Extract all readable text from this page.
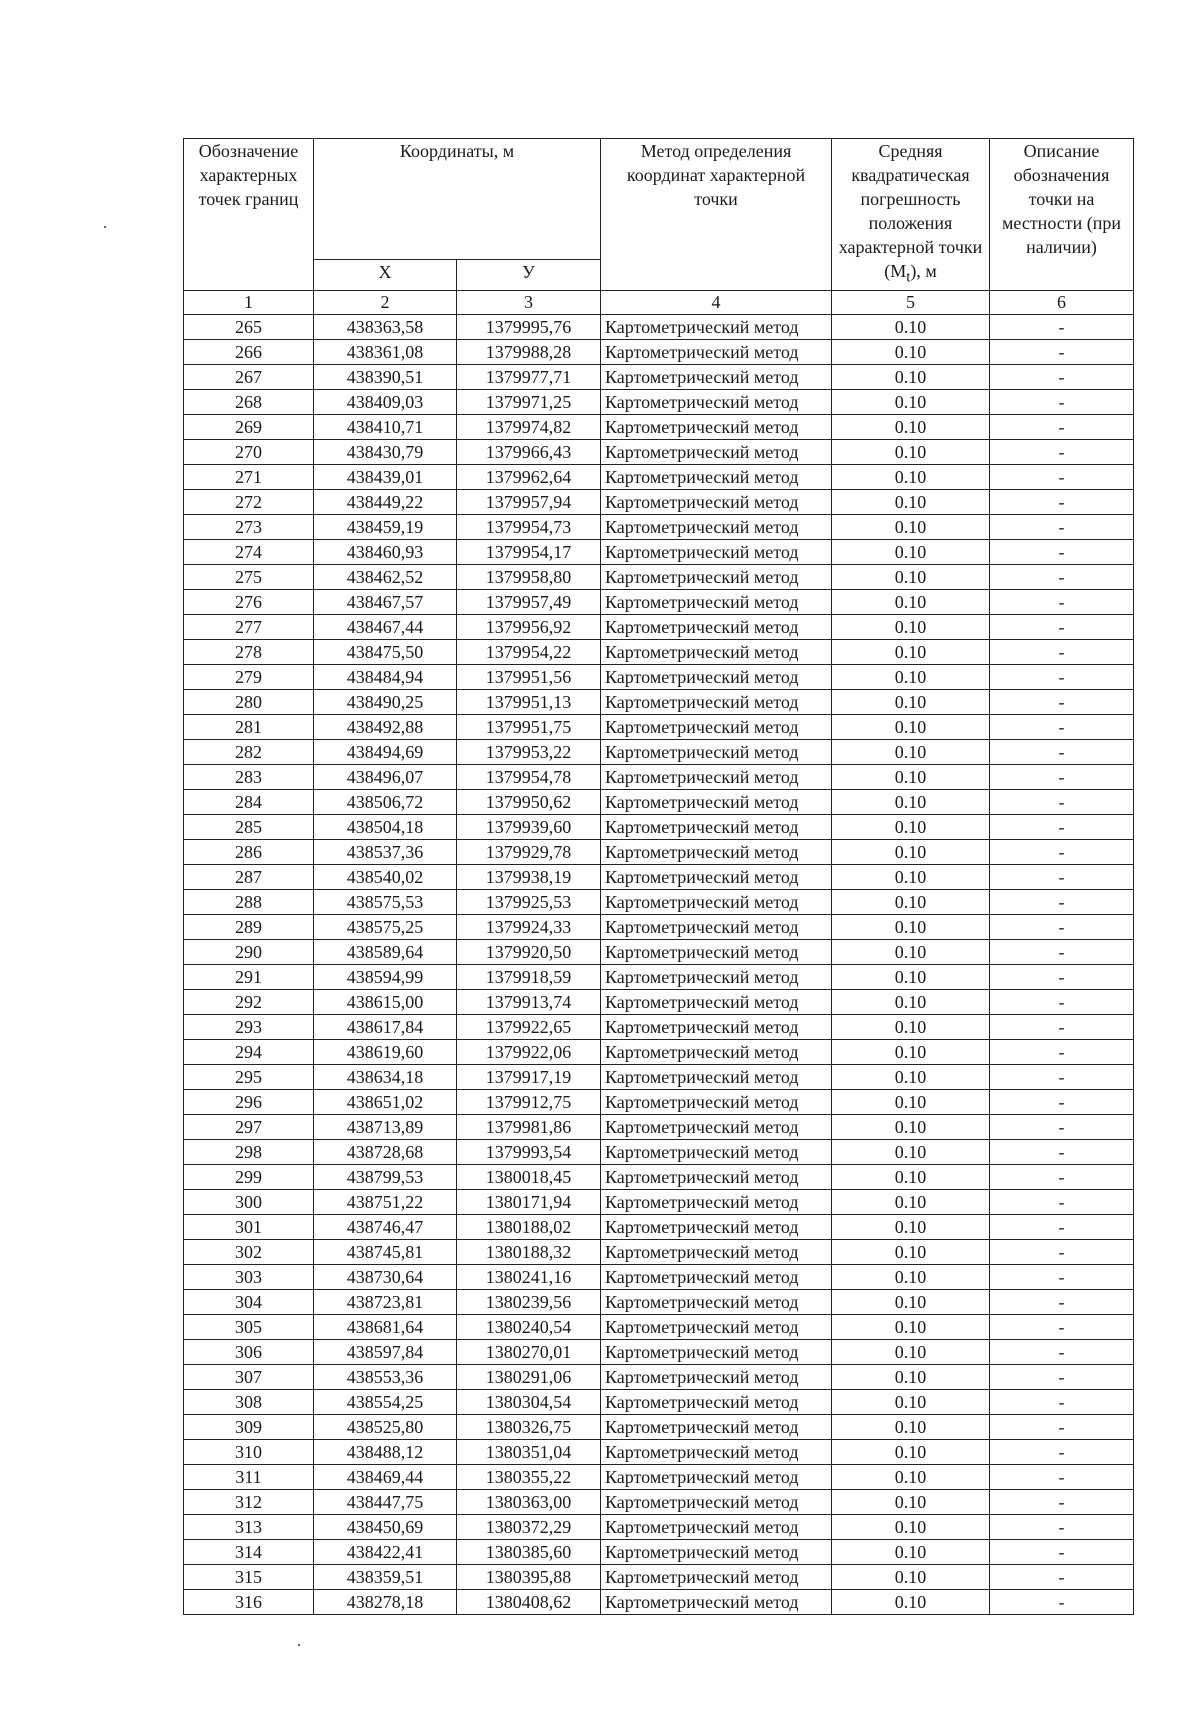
Обозначение характерных точек границ	Координаты, м		Метод определения координат характерной точки	Средняя квадратическая погрешность положения характерной точки $(M_t)$, м	Описание обозначения точки на местности (при наличии)
	X	У			
1	2	3	4	5	6
265	438363,58	1379995,76	Картометрический метод	0.10	-
266	438361,08	1379988,28	Картометрический метод	0.10	-
267	438390,51	1379977,71	Картометрический метод	0.10	-
268	438409,03	1379971,25	Картометрический метод	0.10	-
269	438410,71	1379974,82	Картометрический метод	0.10	-
270	438430,79	1379966,43	Картометрический метод	0.10	-
271	438439,01	1379962,64	Картометрический метод	0.10	-
272	438449,22	1379957,94	Картометрический метод	0.10	-
273	438459,19	1379954,73	Картометрический метод	0.10	-
274	438460,93	1379954,17	Картометрический метод	0.10	-
275	438462,52	1379958,80	Картометрический метод	0.10	-
276	438467,57	1379957,49	Картометрический метод	0.10	-
277	438467,44	1379956,92	Картометрический метод	0.10	-
278	438475,50	1379954,22	Картометрический метод	0.10	-
279	438484,94	1379951,56	Картометрический метод	0.10	-
280	438490,25	1379951,13	Картометрический метод	0.10	-
281	438492,88	1379951,75	Картометрический метод	0.10	-
282	438494,69	1379953,22	Картометрический метод	0.10	-
283	438496,07	1379954,78	Картометрический метод	0.10	-
284	438506,72	1379950,62	Картометрический метод	0.10	-
285	438504,18	1379939,60	Картометрический метод	0.10	-
286	438537,36	1379929,78	Картометрический метод	0.10	-
287	438540,02	1379938,19	Картометрический метод	0.10	-
288	438575,53	1379925,53	Картометрический метод	0.10	-
289	438575,25	1379924,33	Картометрический метод	0.10	-
290	438589,64	1379920,50	Картометрический метод	0.10	-
291	438594,99	1379918,59	Картометрический метод	0.10	-
292	438615,00	1379913,74	Картометрический метод	0.10	-
293	438617,84	1379922,65	Картометрический метод	0.10	-
294	438619,60	1379922,06	Картометрический метод	0.10	-
295	438634,18	1379917,19	Картометрический метод	0.10	-
296	438651,02	1379912,75	Картометрический метод	0.10	-
297	438713,89	1379981,86	Картометрический метод	0.10	-
298	438728,68	1379993,54	Картометрический метод	0.10	-
299	438799,53	1380018,45	Картометрический метод	0.10	-
300	438751,22	1380171,94	Картометрический метод	0.10	-
301	438746,47	1380188,02	Картометрический метод	0.10	-
302	438745,81	1380188,32	Картометрический метод	0.10	-
303	438730,64	1380241,16	Картометрический метод	0.10	-
304	438723,81	1380239,56	Картометрический метод	0.10	-
305	438681,64	1380240,54	Картометрический метод	0.10	-
306	438597,84	1380270,01	Картометрический метод	0.10	-
307	438553,36	1380291,06	Картометрический метод	0.10	-
308	438554,25	1380304,54	Картометрический метод	0.10	-
309	438525,80	1380326,75	Картометрический метод	0.10	-
310	438488,12	1380351,04	Картометрический метод	0.10	-
311	438469,44	1380355,22	Картометрический метод	0.10	-
312	438447,75	1380363,00	Картометрический метод	0.10	-
313	438450,69	1380372,29	Картометрический метод	0.10	-
314	438422,41	1380385,60	Картометрический метод	0.10	-
315	438359,51	1380395,88	Картометрический метод	0.10	-
316	438278,18	1380408,62	Картометрический метод	0.10	-
